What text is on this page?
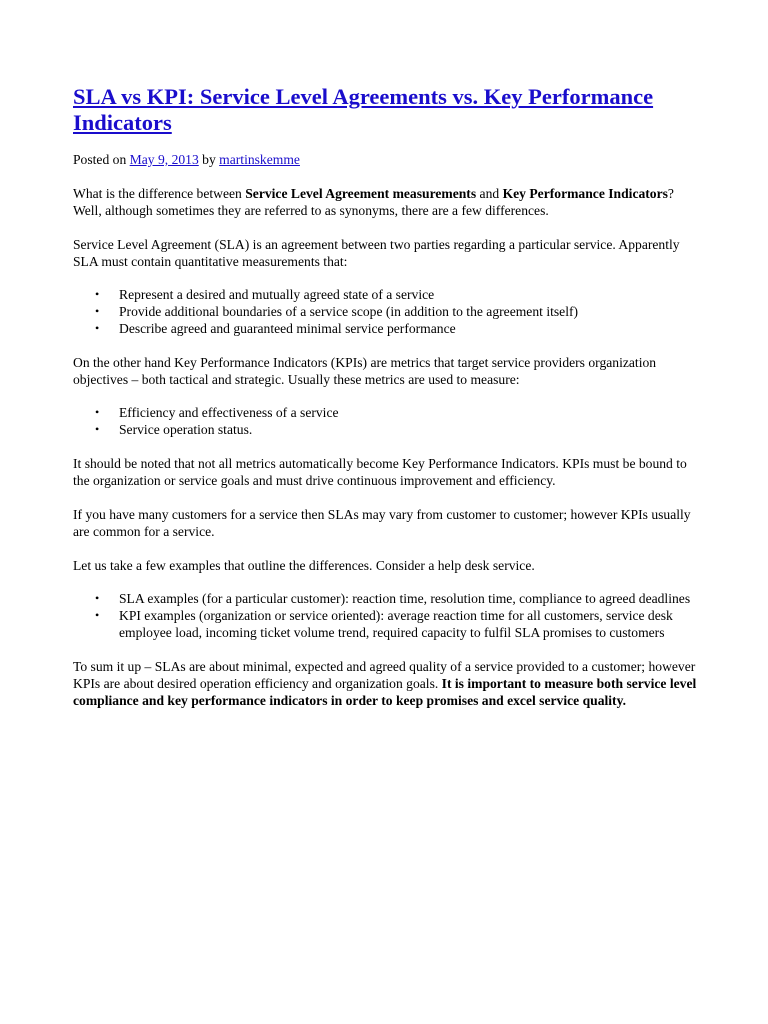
SLA vs KPI: Service Level Agreements vs. Key Performance Indicators

Posted on May 9, 2013 by martinskemme

What is the difference between Service Level Agreement measurements and Key Performance Indicators? Well, although sometimes they are referred to as synonyms, there are a few differences.

Service Level Agreement (SLA) is an agreement between two parties regarding a particular service. Apparently SLA must contain quantitative measurements that:

• Represent a desired and mutually agreed state of a service
• Provide additional boundaries of a service scope (in addition to the agreement itself)
• Describe agreed and guaranteed minimal service performance

On the other hand Key Performance Indicators (KPIs) are metrics that target service providers organization objectives – both tactical and strategic. Usually these metrics are used to measure:

• Efficiency and effectiveness of a service
• Service operation status.

It should be noted that not all metrics automatically become Key Performance Indicators. KPIs must be bound to the organization or service goals and must drive continuous improvement and efficiency.

If you have many customers for a service then SLAs may vary from customer to customer; however KPIs usually are common for a service.

Let us take a few examples that outline the differences. Consider a help desk service.

• SLA examples (for a particular customer): reaction time, resolution time, compliance to agreed deadlines
• KPI examples (organization or service oriented): average reaction time for all customers, service desk employee load, incoming ticket volume trend, required capacity to fulfil SLA promises to customers

To sum it up – SLAs are about minimal, expected and agreed quality of a service provided to a customer; however KPIs are about desired operation efficiency and organization goals. It is important to measure both service level compliance and key performance indicators in order to keep promises and excel service quality.
